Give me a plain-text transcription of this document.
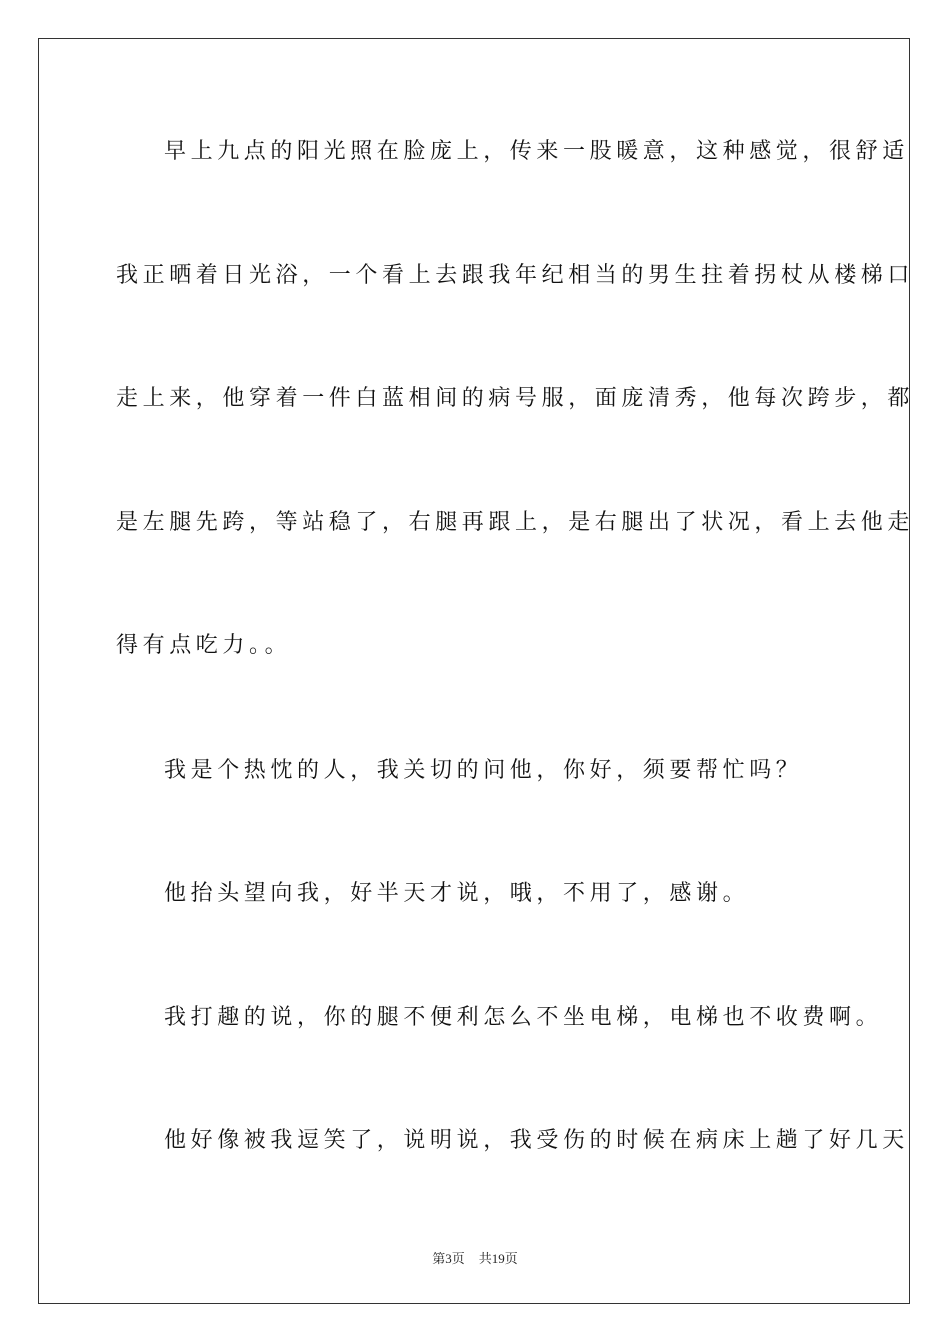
早上九点的阳光照在脸庞上，传来一股暖意，这种感觉，很舒适
我正晒着日光浴，一个看上去跟我年纪相当的男生拄着拐杖从楼梯口
走上来，他穿着一件白蓝相间的病号服，面庞清秀，他每次跨步，都
是左腿先跨，等站稳了，右腿再跟上，是右腿出了状况，看上去他走
得有点吃力。。
我是个热忱的人，我关切的问他，你好，须要帮忙吗？
他抬头望向我，好半天才说，哦，不用了，感谢。
我打趣的说，你的腿不便利怎么不坐电梯，电梯也不收费啊。
他好像被我逗笑了，说明说，我受伤的时候在病床上趟了好几天
第3页 共19页
